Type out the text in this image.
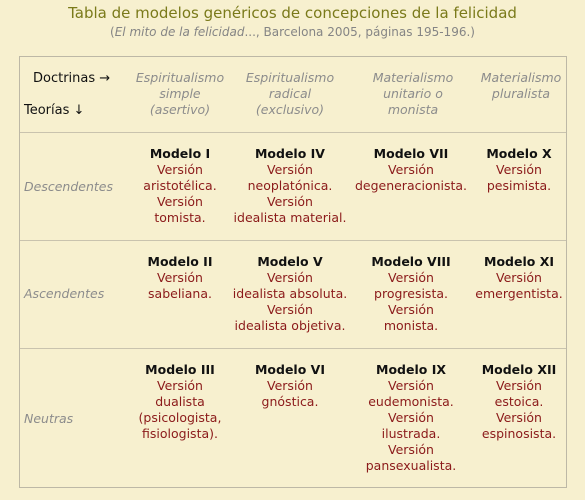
Tabla de modelos genéricos de concepciones de la felicidad
(El mito de la felicidad..., Barcelona 2005, páginas 195-196.)
Doctrinas →
Teorías ↓
Espiritualismo
simple
(asertivo)
Espiritualismo
radical
(exclusivo)
Materialismo
unitario o
monista
Materialismo
pluralista
Descendentes
Modelo I
Versión
aristotélica.
Versión
tomista.
Modelo IV
Versión
neoplatónica.
Versión
idealista material.
Modelo VII
Versión
degeneracionista.
Modelo X
Versión
pesimista.
Ascendentes
Modelo II
Versión
sabeliana.
Modelo V
Versión
idealista absoluta.
Versión
idealista objetiva.
Modelo VIII
Versión
progresista.
Versión
monista.
Modelo XI
Versión
emergentista.
Neutras
Modelo III
Versión
dualista
(psicologista,
fisiologista).
Modelo VI
Versión
gnóstica.
Modelo IX
Versión
eudemonista.
Versión
ilustrada.
Versión
pansexualista.
Modelo XII
Versión
estoica.
Versión
espinosista.
